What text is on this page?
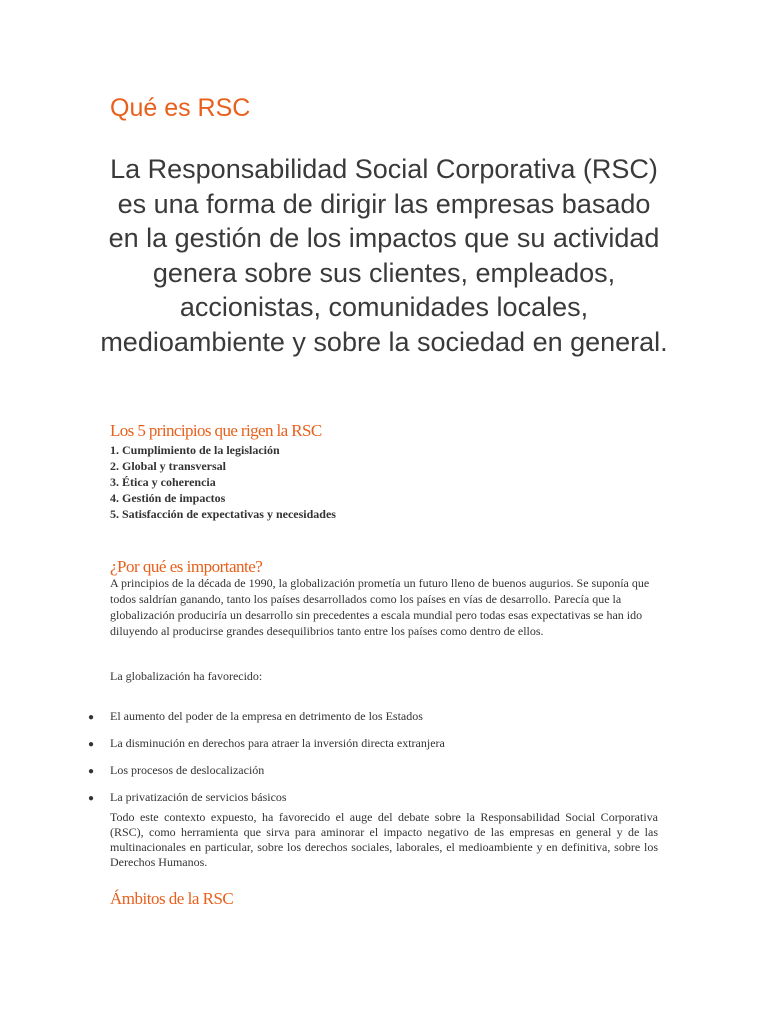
Qué es RSC
La Responsabilidad Social Corporativa (RSC) es una forma de dirigir las empresas basado en la gestión de los impactos que su actividad genera sobre sus clientes, empleados, accionistas, comunidades locales, medioambiente y sobre la sociedad en general.
Los 5 principios que rigen la RSC
1. Cumplimiento de la legislación
2. Global y transversal
3. Ética y coherencia
4. Gestión de impactos
5. Satisfacción de expectativas y necesidades
¿Por qué es importante?
A principios de la década de 1990, la globalización prometía un futuro lleno de buenos augurios. Se suponía que todos saldrían ganando, tanto los países desarrollados como los países en vías de desarrollo. Parecía que la globalización produciría un desarrollo sin precedentes a escala mundial pero todas esas expectativas se han ido diluyendo al producirse grandes desequilibrios tanto entre los países como dentro de ellos.
La globalización ha favorecido:
● El aumento del poder de la empresa en detrimento de los Estados
● La disminución en derechos para atraer la inversión directa extranjera
● Los procesos de deslocalización
● La privatización de servicios básicos
Todo este contexto expuesto, ha favorecido el auge del debate sobre la Responsabilidad Social Corporativa (RSC), como herramienta que sirva para aminorar el impacto negativo de las empresas en general y de las multinacionales en particular, sobre los derechos sociales, laborales, el medioambiente y en definitiva, sobre los Derechos Humanos.
Ámbitos de la RSC
